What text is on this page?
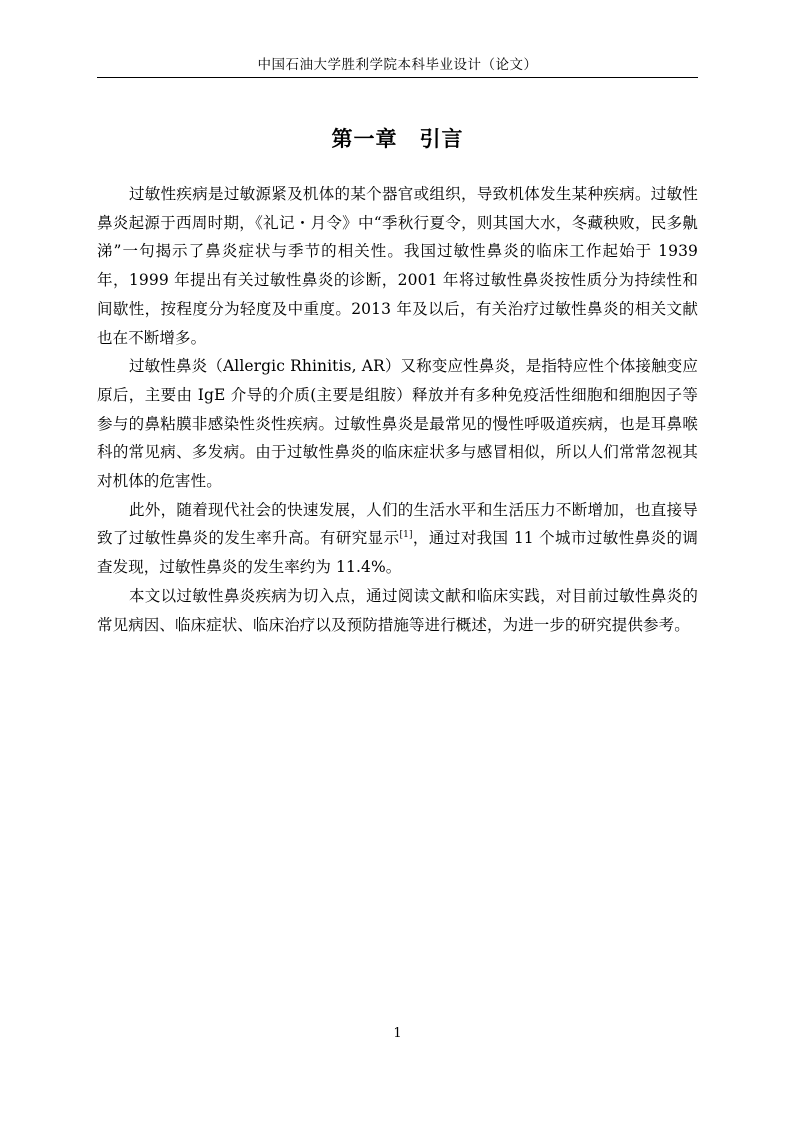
中国石油大学胜利学院本科毕业设计（论文）
第一章 引言

过敏性疾病是过敏源紧及机体的某个器官或组织，导致机体发生某种疾病。过敏性鼻炎起源于西周时期，《礼记・月令》中“季秋行夏令，则其国大水，冬藏秧败，民多鼽涕”一句揭示了鼻炎症状与季节的相关性。我国过敏性鼻炎的临床工作起始于 1939 年，1999 年提出有关过敏性鼻炎的诊断，2001 年将过敏性鼻炎按性质分为持续性和间歇性，按程度分为轻度及中重度。2013 年及以后，有关治疗过敏性鼻炎的相关文献也在不断增多。

过敏性鼻炎（Allergic Rhinitis, AR）又称变应性鼻炎，是指特应性个体接触变应原后，主要由 IgE 介导的介质(主要是组胺）释放并有多种免疫活性细胞和细胞因子等参与的鼻粘膜非感染性炎性疾病。过敏性鼻炎是最常见的慢性呼吸道疾病，也是耳鼻喉科的常见病、多发病。由于过敏性鼻炎的临床症状多与感冒相似，所以人们常常忽视其对机体的危害性。

此外，随着现代社会的快速发展，人们的生活水平和生活压力不断增加，也直接导致了过敏性鼻炎的发生率升高。有研究显示[1]，通过对我国 11 个城市过敏性鼻炎的调查发现，过敏性鼻炎的发生率约为 11.4%。

本文以过敏性鼻炎疾病为切入点，通过阅读文献和临床实践，对目前过敏性鼻炎的常见病因、临床症状、临床治疗以及预防措施等进行概述，为进一步的研究提供参考。

1
